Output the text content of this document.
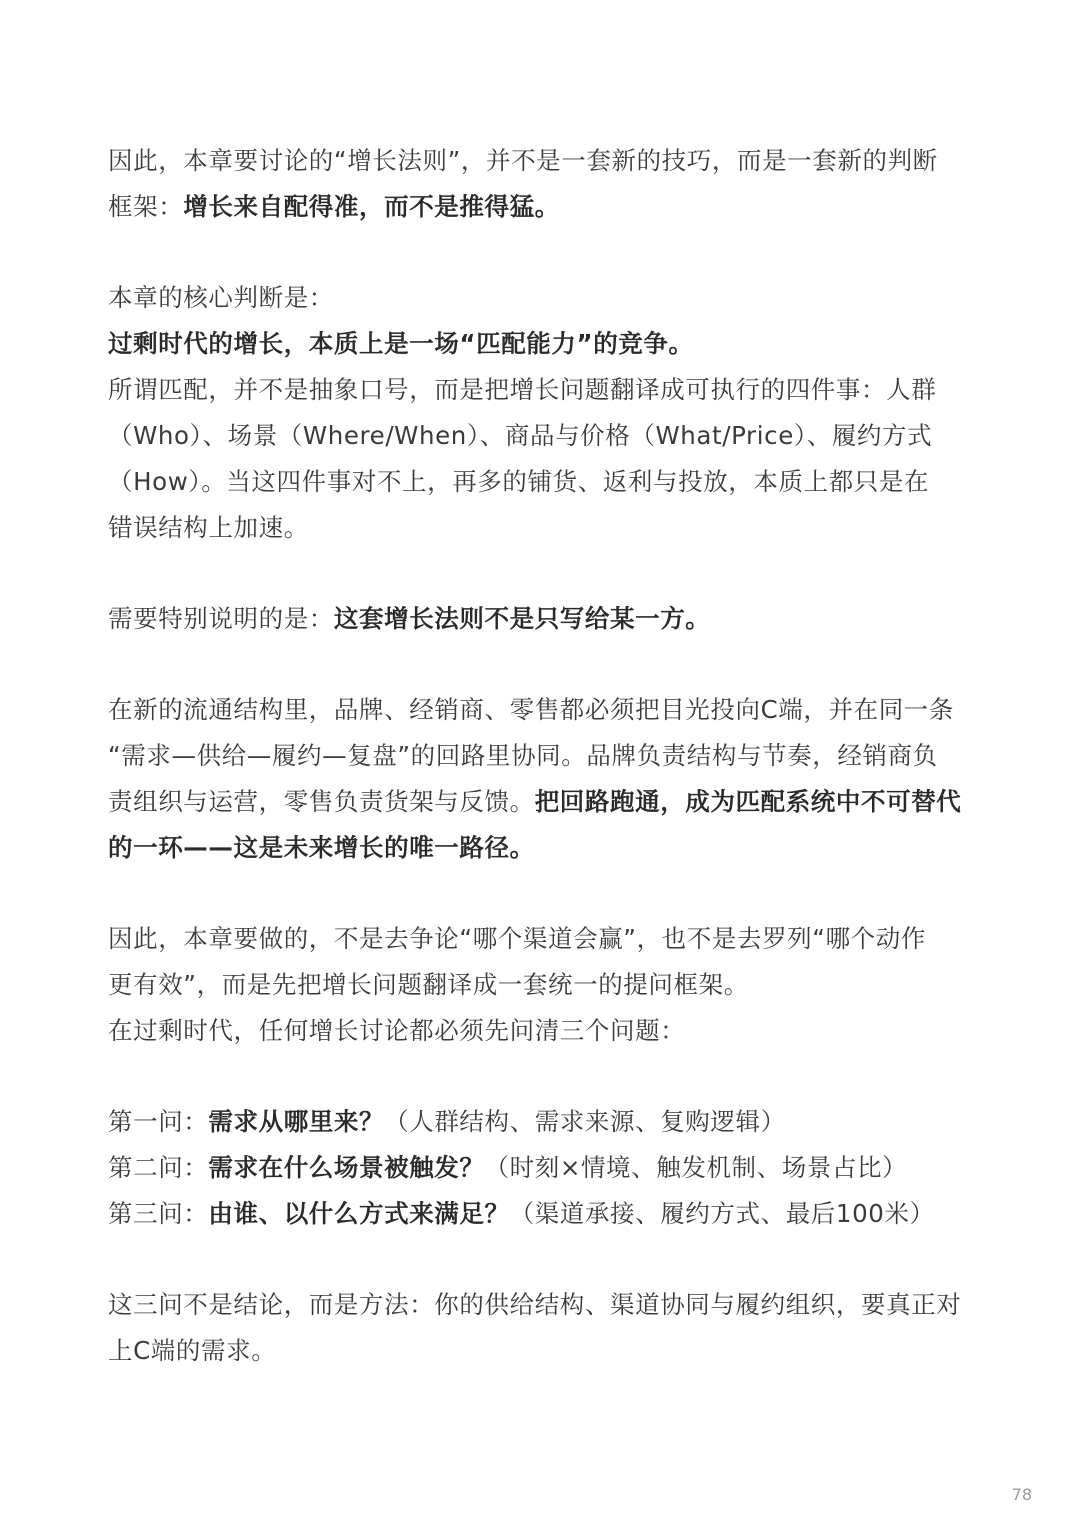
因此，本章要讨论的“增长法则”，并不是一套新的技巧，而是一套新的判断
框架：增长来自配得准，而不是推得猛。

本章的核心判断是：
过剩时代的增长，本质上是一场“匹配能力”的竞争。
所谓匹配，并不是抽象口号，而是把增长问题翻译成可执行的四件事：人群
（Who）、场景（Where/When）、商品与价格（What/Price）、履约方式
（How）。当这四件事对不上，再多的铺货、返利与投放，本质上都只是在
错误结构上加速。

需要特别说明的是：这套增长法则不是只写给某一方。

在新的流通结构里，品牌、经销商、零售都必须把目光投向C端，并在同一条
“需求—供给—履约—复盘”的回路里协同。品牌负责结构与节奏，经销商负
责组织与运营，零售负责货架与反馈。把回路跑通，成为匹配系统中不可替代
的一环——这是未来增长的唯一路径。

因此，本章要做的，不是去争论“哪个渠道会赢”，也不是去罗列“哪个动作
更有效”，而是先把增长问题翻译成一套统一的提问框架。
在过剩时代，任何增长讨论都必须先问清三个问题：

第一问：需求从哪里来？（人群结构、需求来源、复购逻辑）
第二问：需求在什么场景被触发？（时刻×情境、触发机制、场景占比）
第三问：由谁、以什么方式来满足？（渠道承接、履约方式、最后100米）

这三问不是结论，而是方法：你的供给结构、渠道协同与履约组织，要真正对
上C端的需求。

78
